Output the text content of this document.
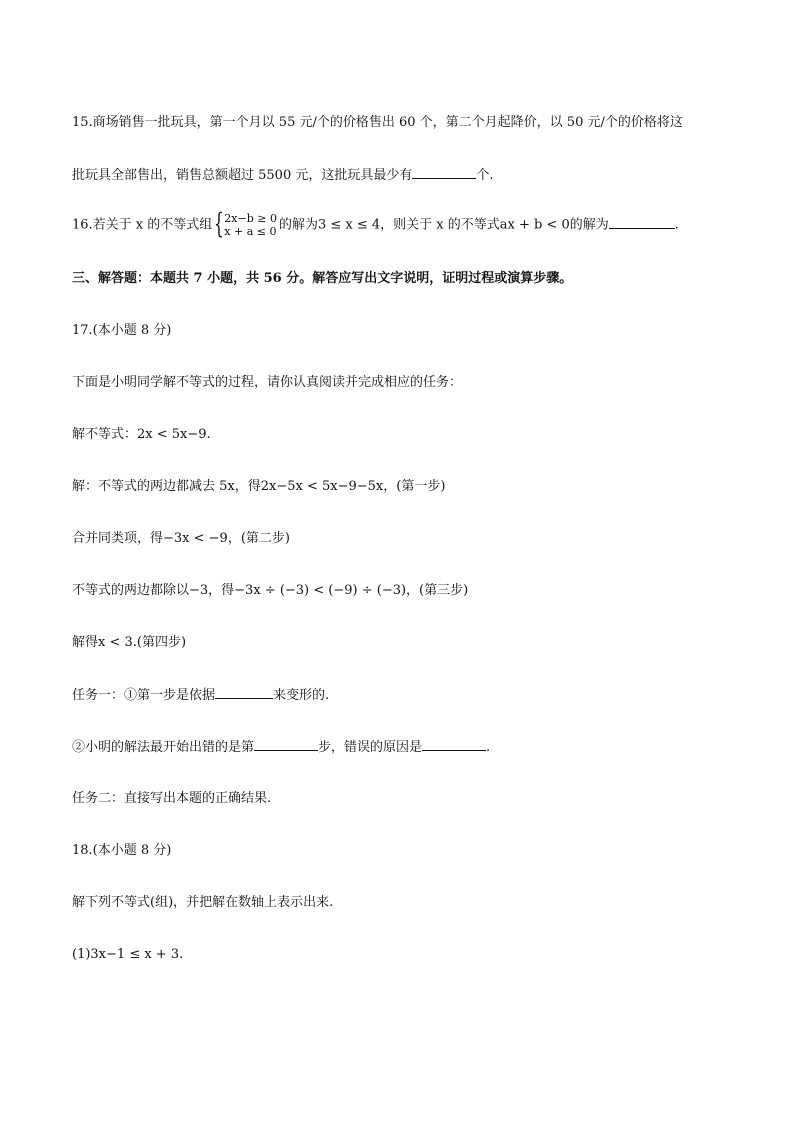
15.商场销售一批玩具，第一个月以 55 元/个的价格售出 60 个，第二个月起降价，以 50 元/个的价格将这
批玩具全部售出，销售总额超过 5500 元，这批玩具最少有	个.
16.若关于 x 的不等式组 { 2x−b ≥ 0
x + a ≤ 0 的解为3 ≤ x ≤ 4，则关于 x 的不等式ax + b < 0的解为	.
三、解答题：本题共 7 小题，共 56 分。解答应写出文字说明，证明过程或演算步骤。
17.(本小题 8 分)
下面是小明同学解不等式的过程，请你认真阅读并完成相应的任务：
解不等式：2x < 5x−9.
解：不等式的两边都减去 5x，得2x−5x < 5x−9−5x，(第一步)
合并同类项，得−3x < −9，(第二步)
不等式的两边都除以−3，得−3x ÷ (−3) < (−9) ÷ (−3)，(第三步)
解得x < 3.(第四步)
任务一：①第一步是依据	来变形的.
②小明的解法最开始出错的是第	步，错误的原因是	.
任务二：直接写出本题的正确结果.
18.(本小题 8 分)
解下列不等式(组)，并把解在数轴上表示出来.
(1)3x−1 ≤ x + 3.
